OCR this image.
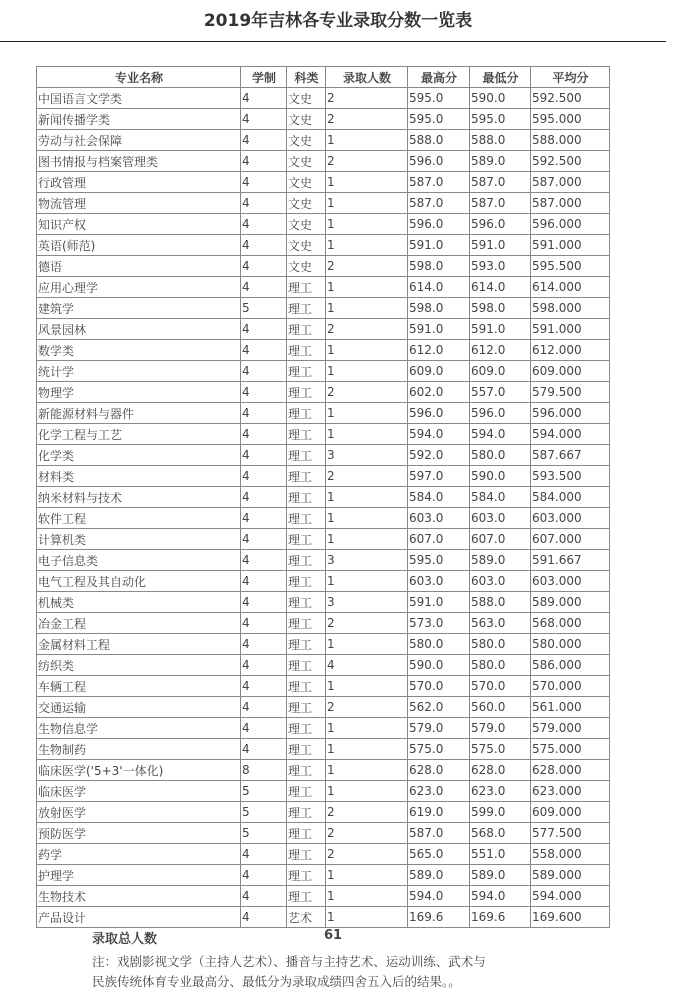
2019年吉林各专业录取分数一览表
专业名称	学制	科类	录取人数	最高分	最低分	平均分
中国语言文学类	4	文史	2	595.0	590.0	592.500
新闻传播学类	4	文史	2	595.0	595.0	595.000
劳动与社会保障	4	文史	1	588.0	588.0	588.000
图书情报与档案管理类	4	文史	2	596.0	589.0	592.500
行政管理	4	文史	1	587.0	587.0	587.000
物流管理	4	文史	1	587.0	587.0	587.000
知识产权	4	文史	1	596.0	596.0	596.000
英语(师范)	4	文史	1	591.0	591.0	591.000
德语	4	文史	2	598.0	593.0	595.500
应用心理学	4	理工	1	614.0	614.0	614.000
建筑学	5	理工	1	598.0	598.0	598.000
风景园林	4	理工	2	591.0	591.0	591.000
数学类	4	理工	1	612.0	612.0	612.000
统计学	4	理工	1	609.0	609.0	609.000
物理学	4	理工	2	602.0	557.0	579.500
新能源材料与器件	4	理工	1	596.0	596.0	596.000
化学工程与工艺	4	理工	1	594.0	594.0	594.000
化学类	4	理工	3	592.0	580.0	587.667
材料类	4	理工	2	597.0	590.0	593.500
纳米材料与技术	4	理工	1	584.0	584.0	584.000
软件工程	4	理工	1	603.0	603.0	603.000
计算机类	4	理工	1	607.0	607.0	607.000
电子信息类	4	理工	3	595.0	589.0	591.667
电气工程及其自动化	4	理工	1	603.0	603.0	603.000
机械类	4	理工	3	591.0	588.0	589.000
冶金工程	4	理工	2	573.0	563.0	568.000
金属材料工程	4	理工	1	580.0	580.0	580.000
纺织类	4	理工	4	590.0	580.0	586.000
车辆工程	4	理工	1	570.0	570.0	570.000
交通运输	4	理工	2	562.0	560.0	561.000
生物信息学	4	理工	1	579.0	579.0	579.000
生物制药	4	理工	1	575.0	575.0	575.000
临床医学('5+3'一体化)	8	理工	1	628.0	628.0	628.000
临床医学	5	理工	1	623.0	623.0	623.000
放射医学	5	理工	2	619.0	599.0	609.000
预防医学	5	理工	2	587.0	568.0	577.500
药学	4	理工	2	565.0	551.0	558.000
护理学	4	理工	1	589.0	589.0	589.000
生物技术	4	理工	1	594.0	594.0	594.000
产品设计	4	艺术	1	169.6	169.6	169.600
录取总人数	61
注：戏剧影视文学（主持人艺术）、播音与主持艺术、运动训练、武术与民族传统体育专业最高分、最低分为录取成绩四舍五入后的结果。。
